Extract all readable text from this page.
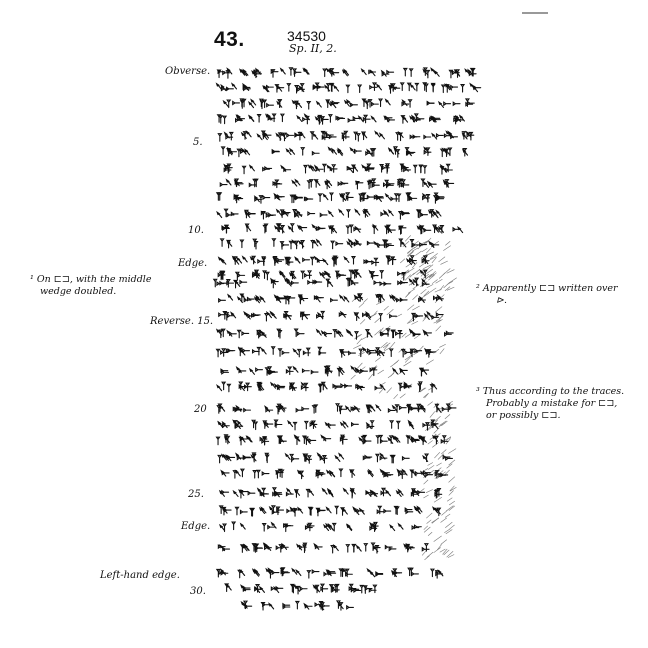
43.	34530
Sp. II, 2.
Obverse.
5.
10.
Edge.
Reverse. 15.
20
25.
Edge.
Left-hand edge.
30.
¹ On ⊏⊐, with the middle
wedge doubled.	² Apparently ⊏⊐ written over
⊳.
³ Thus according to the traces.
Probably a mistake for ⊏⊐,
or possibly ⊏⊐.
